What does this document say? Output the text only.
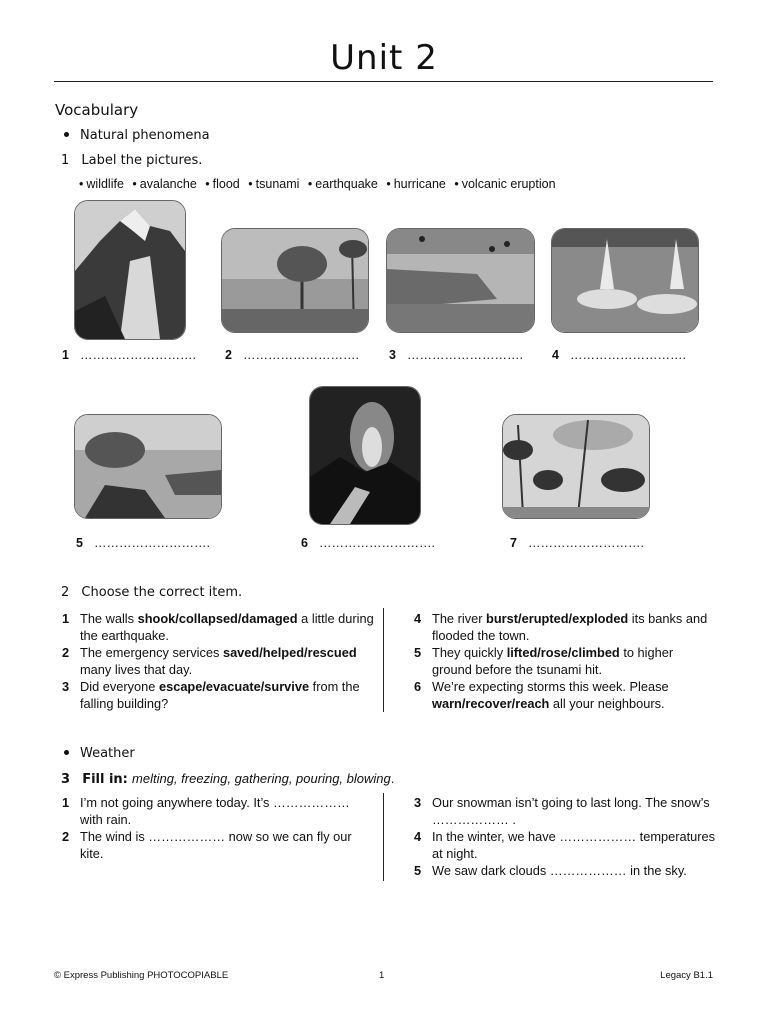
Unit 2
Vocabulary
Natural phenomena
1 Label the pictures.
• wildlife • avalanche • flood • tsunami • earthquake • hurricane • volcanic eruption
1 ………………………. 2 ………………………. 3 ………………………. 4 ……………………….
5 ……………………….	6 ……………………….	7 ……………………….
2 Choose the correct item.
1 The walls shook/collapsed/damaged a little during the earthquake.
2 The emergency services saved/helped/rescued many lives that day.
3 Did everyone escape/evacuate/survive from the falling building?
4 The river burst/erupted/exploded its banks and flooded the town.
5 They quickly lifted/rose/climbed to higher ground before the tsunami hit.
6 We’re expecting storms this week. Please warn/recover/reach all your neighbours.
Weather
3 Fill in: melting, freezing, gathering, pouring, blowing.
1 I’m not going anywhere today. It’s ……………… with rain.
2 The wind is ……………… now so we can fly our kite.
3 Our snowman isn’t going to last long. The snow’s ……………… .
4 In the winter, we have ……………… temperatures at night.
5 We saw dark clouds ……………… in the sky.
© Express Publishing PHOTOCOPIABLE	1	Legacy B1.1
